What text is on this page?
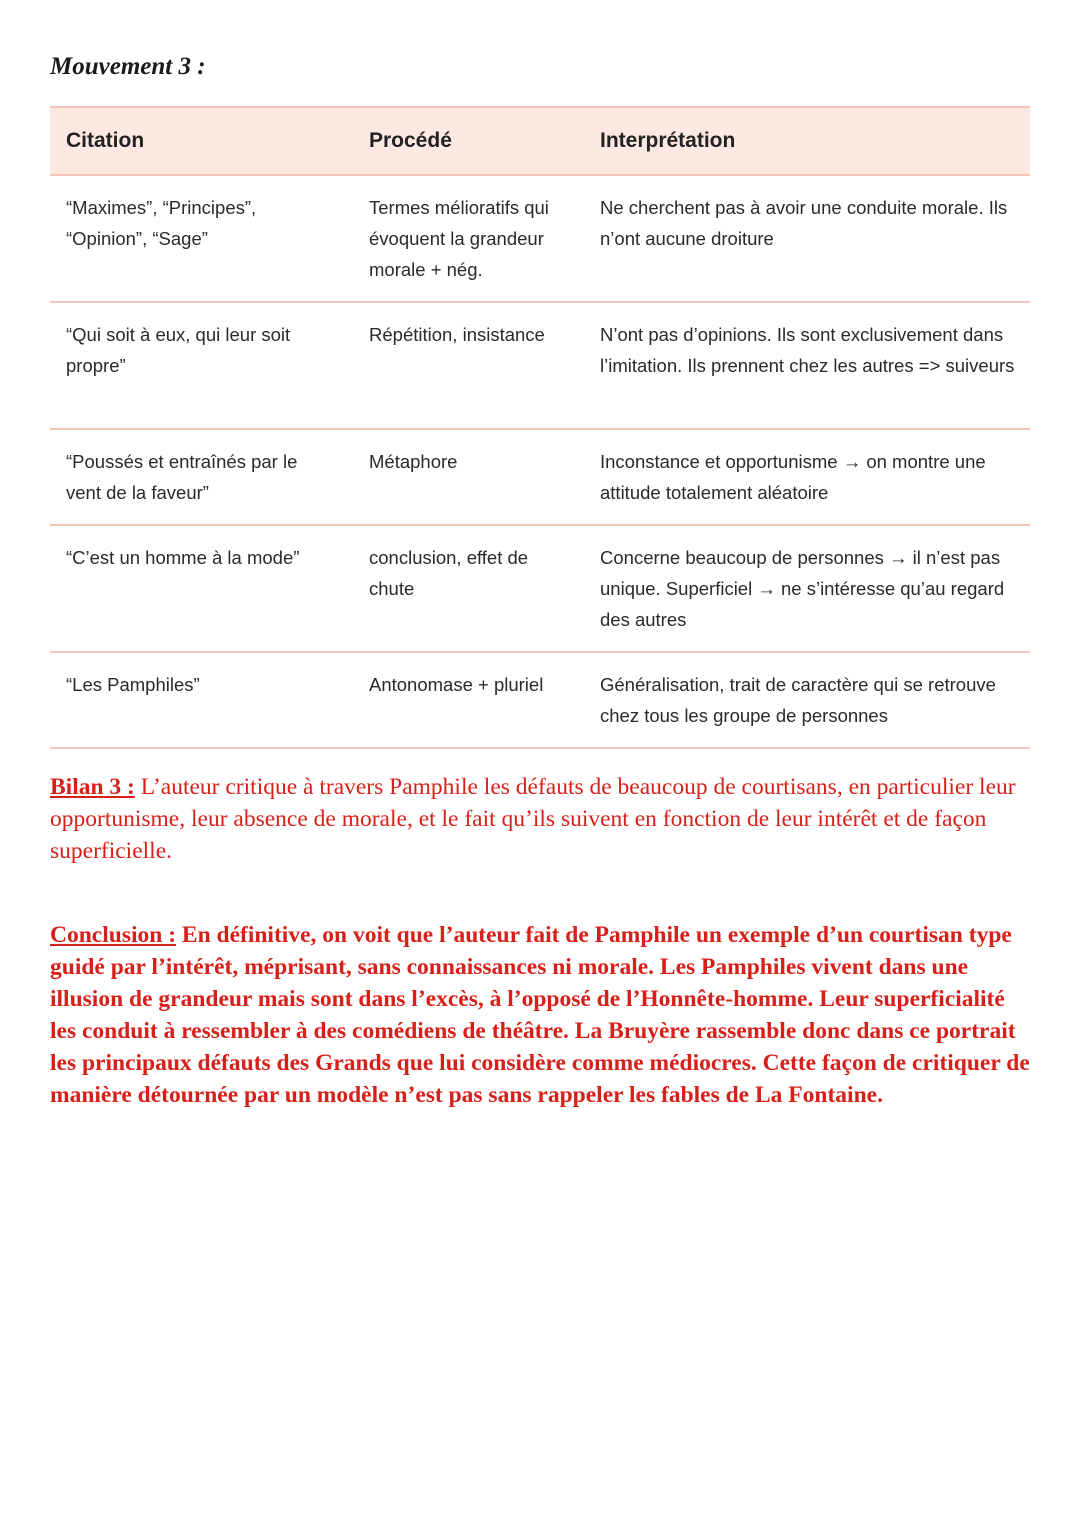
Mouvement 3 :
Citation	Procédé	Interprétation
“Maximes”, “Principes”, “Opinion”, “Sage”	Termes mélioratifs qui évoquent la grandeur morale + nég.	Ne cherchent pas à avoir une conduite morale. Ils n’ont aucune droiture
“Qui soit à eux, qui leur soit propre”	Répétition, insistance	N’ont pas d’opinions. Ils sont exclusivement dans l’imitation. Ils prennent chez les autres => suiveurs
“Poussés et entraînés par le vent de la faveur”	Métaphore	Inconstance et opportunisme → on montre une attitude totalement aléatoire
“C’est un homme à la mode”	conclusion, effet de chute	Concerne beaucoup de personnes → il n’est pas unique. Superficiel → ne s’intéresse qu’au regard des autres
“Les Pamphiles”	Antonomase + pluriel	Généralisation, trait de caractère qui se retrouve chez tous les groupe de personnes

Bilan 3 : L’auteur critique à travers Pamphile les défauts de beaucoup de courtisans, en particulier leur opportunisme, leur absence de morale, et le fait qu’ils suivent en fonction de leur intérêt et de façon superficielle.

Conclusion : En définitive, on voit que l’auteur fait de Pamphile un exemple d’un courtisan type guidé par l’intérêt, méprisant, sans connaissances ni morale. Les Pamphiles vivent dans une illusion de grandeur mais sont dans l’excès, à l’opposé de l’Honnête-homme. Leur superficialité les conduit à ressembler à des comédiens de théâtre. La Bruyère rassemble donc dans ce portrait les principaux défauts des Grands que lui considère comme médiocres. Cette façon de critiquer de manière détournée par un modèle n’est pas sans rappeler les fables de La Fontaine.
